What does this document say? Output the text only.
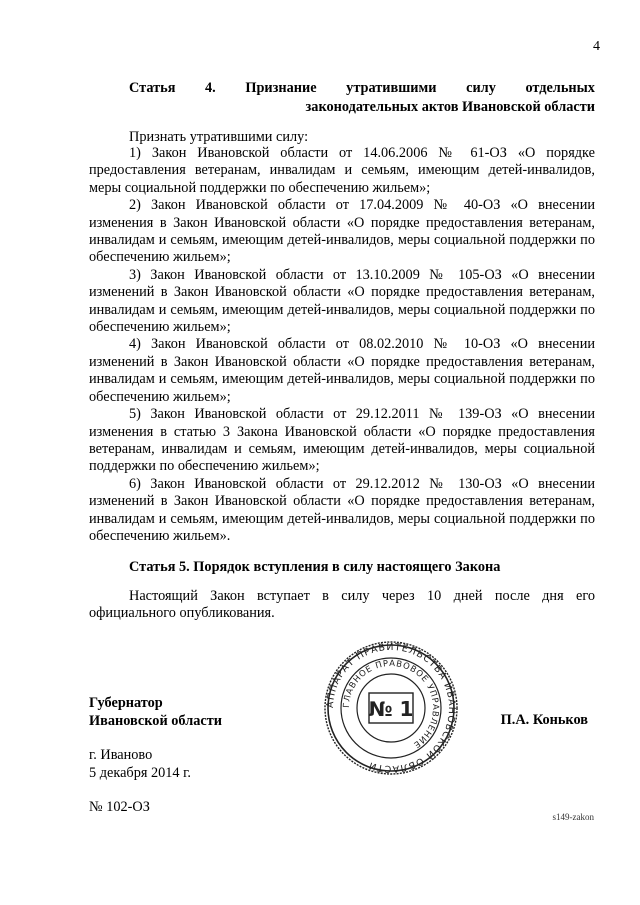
4
Статья 4. Признание утратившими силу отдельных
законодательных актов Ивановской области
Признать утратившими силу:
1) Закон Ивановской области от 14.06.2006 № 61-ОЗ «О порядке предоставления ветеранам, инвалидам и семьям, имеющим детей-инвалидов, меры социальной поддержки по обеспечению жильем»;
2) Закон Ивановской области от 17.04.2009 № 40-ОЗ «О внесении изменения в Закон Ивановской области «О порядке предоставления ветеранам, инвалидам и семьям, имеющим детей-инвалидов, меры социальной поддержки по обеспечению жильем»;
3) Закон Ивановской области от 13.10.2009 № 105-ОЗ «О внесении изменений в Закон Ивановской области «О порядке предоставления ветеранам, инвалидам и семьям, имеющим детей-инвалидов, меры социальной поддержки по обеспечению жильем»;
4) Закон Ивановской области от 08.02.2010 № 10-ОЗ «О внесении изменений в Закон Ивановской области «О порядке предоставления ветеранам, инвалидам и семьям, имеющим детей-инвалидов, меры социальной поддержки по обеспечению жильем»;
5) Закон Ивановской области от 29.12.2011 № 139-ОЗ «О внесении изменения в статью 3 Закона Ивановской области «О порядке предоставления ветеранам, инвалидам и семьям, имеющим детей-инвалидов, меры социальной поддержки по обеспечению жильем»;
6) Закон Ивановской области от 29.12.2012 № 130-ОЗ «О внесении изменений в Закон Ивановской области «О порядке предоставления ветеранам, инвалидам и семьям, имеющим детей-инвалидов, меры социальной поддержки по обеспечению жильем».
Статья 5. Порядок вступления в силу настоящего Закона
Настоящий Закон вступает в силу через 10 дней после дня его официального опубликования.
АППАРАТ ПРАВИТЕЛЬСТВА ИВАНОВСКОЙ ОБЛАСТИ
ГЛАВНОЕ ПРАВОВОЕ УПРАВЛЕНИЕ
№ 1
Губернатор
Ивановской области	П.А. Коньков
г. Иваново
5 декабря 2014 г.
№ 102-ОЗ
s149-zakon
